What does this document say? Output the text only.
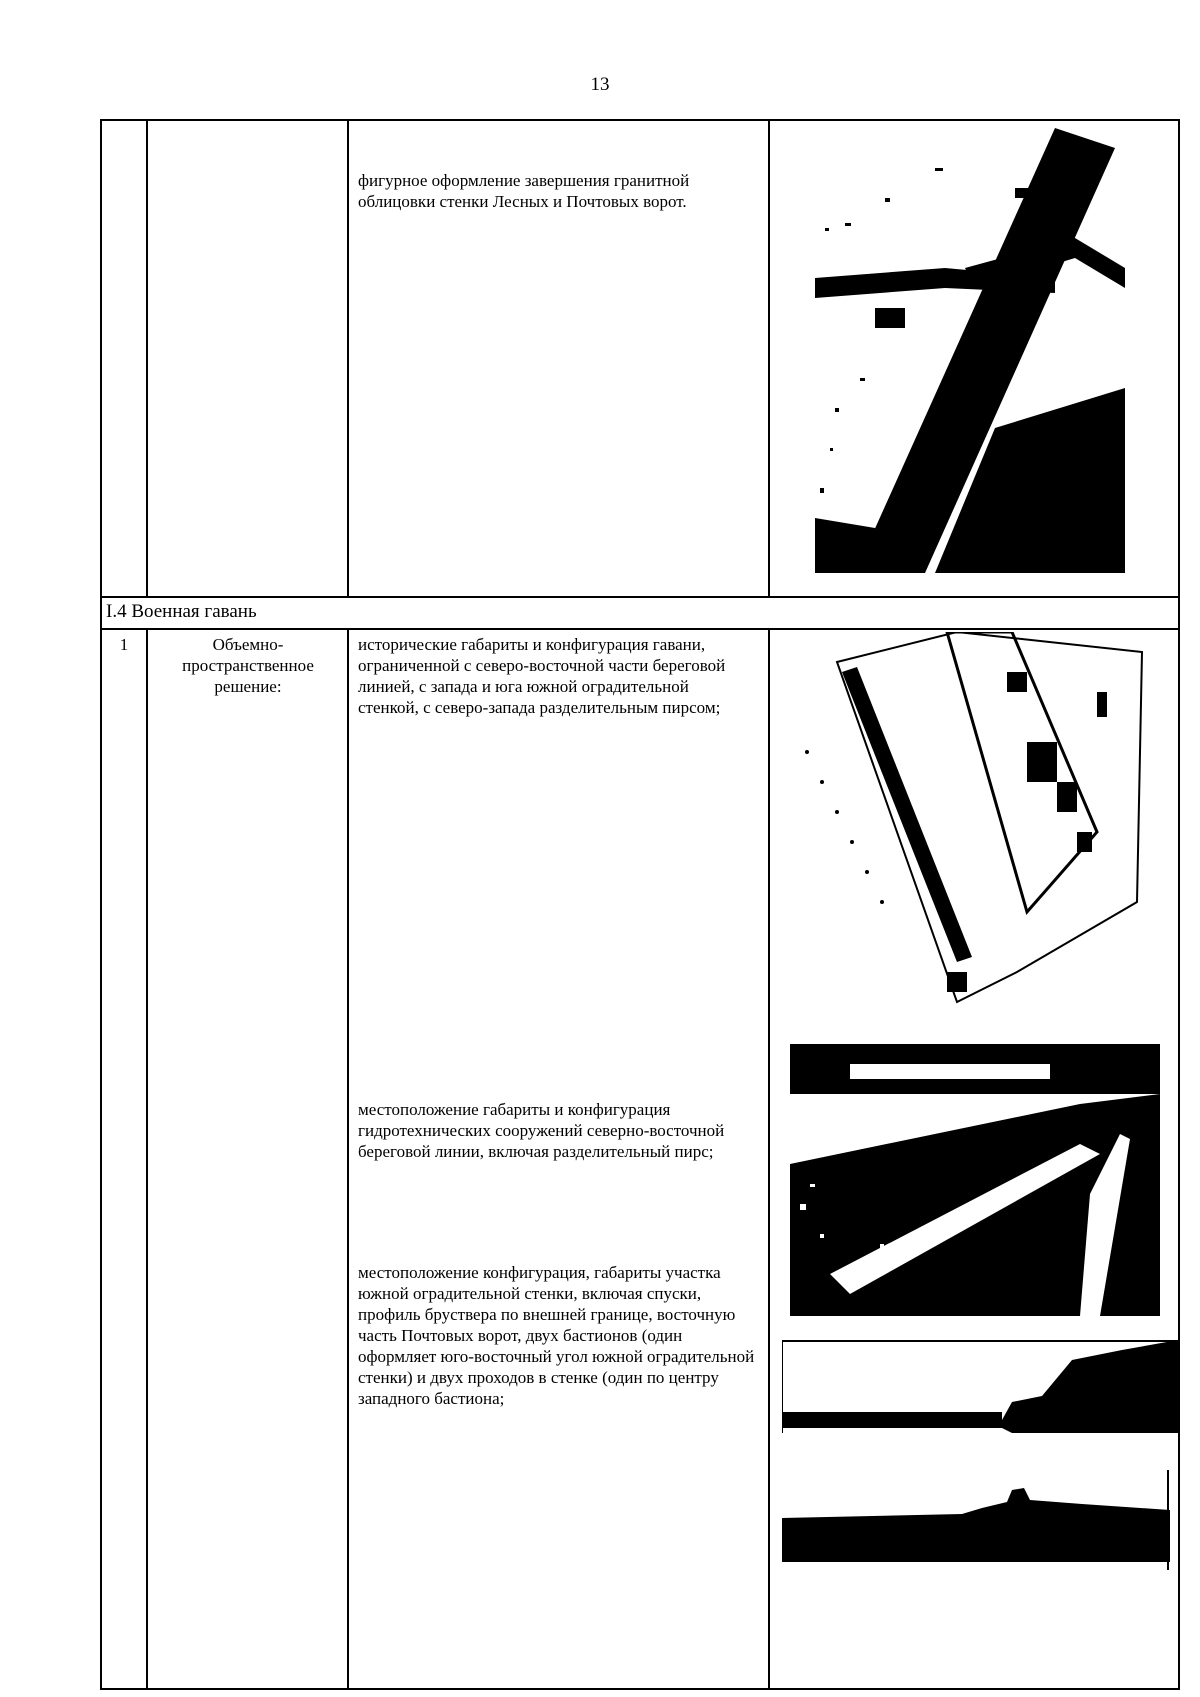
13
фигурное оформление завершения гранитной облицовки стенки Лесных и Почтовых ворот.
I.4 Военная гавань
1	Объемно-пространственное решение:
исторические габариты и конфигурация гавани, ограниченной с северо-восточной части береговой линией, с запада и юга южной оградительной стенкой, с северо-запада разделительным пирсом;
местоположение габариты и конфигурация гидротехнических сооружений северно-восточной береговой линии, включая разделительный пирс;
местоположение конфигурация, габариты участка южной оградительной стенки, включая спуски, профиль бруствера по внешней границе, восточную часть Почтовых ворот, двух бастионов (один оформляет юго-восточный угол южной оградительной стенки) и двух проходов в стенке (один по центру западного бастиона;
